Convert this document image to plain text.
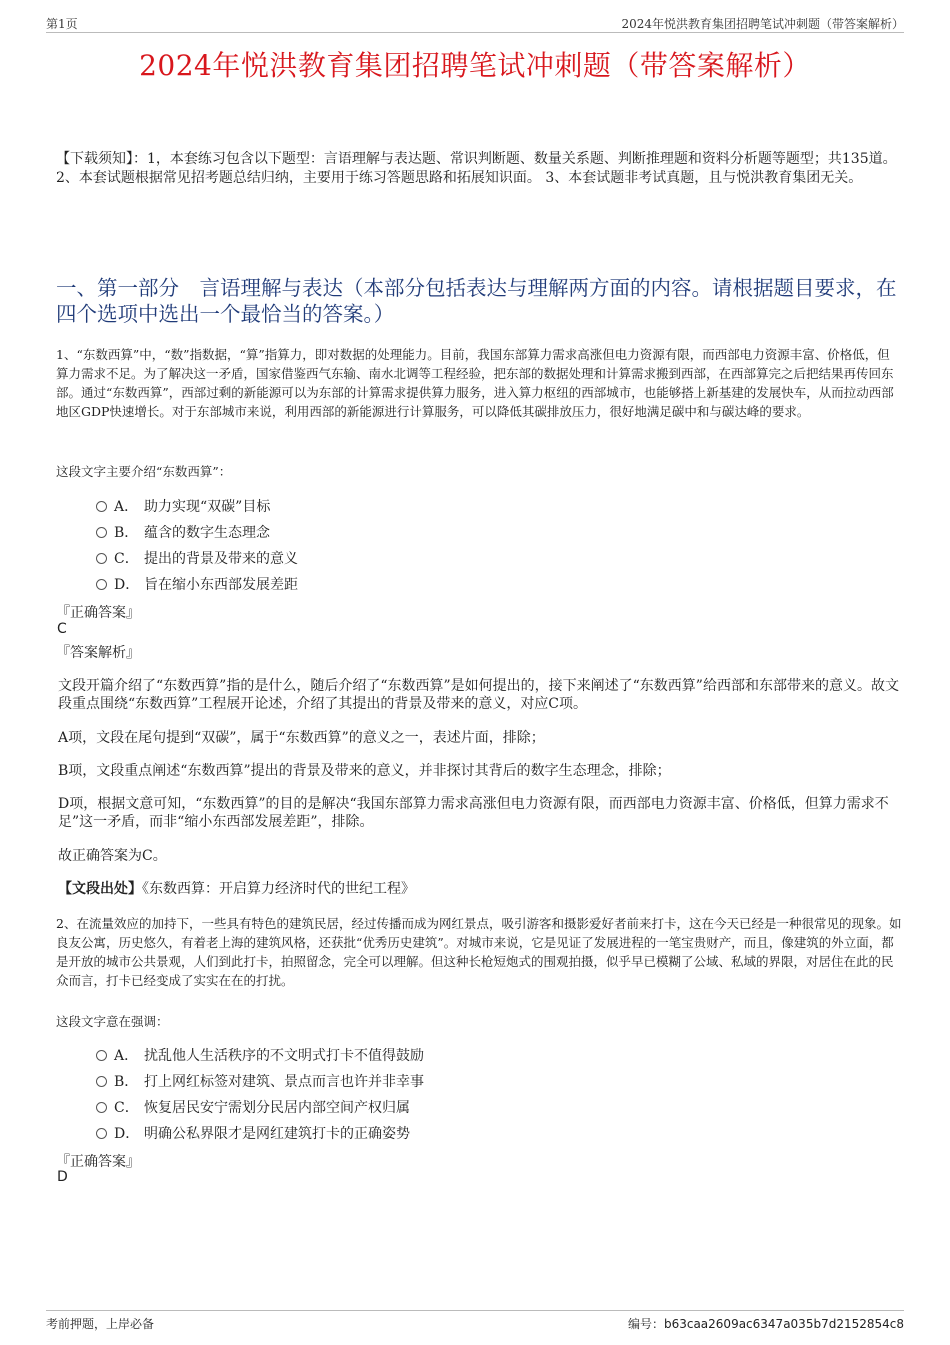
第1页	2024年悦洪教育集团招聘笔试冲刺题（带答案解析）
2024年悦洪教育集团招聘笔试冲刺题（带答案解析）
【下载须知】：1，本套练习包含以下题型：言语理解与表达题、常识判断题、数量关系题、判断推理题和资料分析题等题型；共135道。 2、本套试题根据常见招考题总结归纳，主要用于练习答题思路和拓展知识面。 3、本套试题非考试真题，且与悦洪教育集团无关。
一、第一部分　言语理解与表达（本部分包括表达与理解两方面的内容。请根据题目要求，在四个选项中选出一个最恰当的答案。）
1、“东数西算”中，“数”指数据，“算”指算力，即对数据的处理能力。目前，我国东部算力需求高涨但电力资源有限，而西部电力资源丰富、价格低，但算力需求不足。为了解决这一矛盾，国家借鉴西气东输、南水北调等工程经验，把东部的数据处理和计算需求搬到西部，在西部算完之后把结果再传回东部。通过“东数西算”，西部过剩的新能源可以为东部的计算需求提供算力服务，进入算力枢纽的西部城市，也能够搭上新基建的发展快车，从而拉动西部地区GDP快速增长。对于东部城市来说，利用西部的新能源进行计算服务，可以降低其碳排放压力，很好地满足碳中和与碳达峰的要求。
这段文字主要介绍“东数西算”：
A． 助力实现“双碳”目标
B． 蕴含的数字生态理念
C． 提出的背景及带来的意义
D． 旨在缩小东西部发展差距
『正确答案』
C
『答案解析』
文段开篇介绍了“东数西算”指的是什么，随后介绍了“东数西算”是如何提出的，接下来阐述了“东数西算”给西部和东部带来的意义。故文段重点围绕“东数西算”工程展开论述，介绍了其提出的背景及带来的意义，对应C项。
A项，文段在尾句提到“双碳”，属于“东数西算”的意义之一，表述片面，排除；
B项，文段重点阐述“东数西算”提出的背景及带来的意义，并非探讨其背后的数字生态理念，排除；
D项，根据文意可知，“东数西算”的目的是解决“我国东部算力需求高涨但电力资源有限，而西部电力资源丰富、价格低，但算力需求不足”这一矛盾，而非“缩小东西部发展差距”，排除。
故正确答案为C。
【文段出处】《东数西算：开启算力经济时代的世纪工程》
2、在流量效应的加持下，一些具有特色的建筑民居，经过传播而成为网红景点，吸引游客和摄影爱好者前来打卡，这在今天已经是一种很常见的现象。如良友公寓，历史悠久，有着老上海的建筑风格，还获批“优秀历史建筑”。对城市来说，它是见证了发展进程的一笔宝贵财产，而且，像建筑的外立面，都是开放的城市公共景观，人们到此打卡，拍照留念，完全可以理解。但这种长枪短炮式的围观拍摄，似乎早已模糊了公域、私域的界限，对居住在此的民众而言，打卡已经变成了实实在在的打扰。
这段文字意在强调：
A． 扰乱他人生活秩序的不文明式打卡不值得鼓励
B． 打上网红标签对建筑、景点而言也许并非幸事
C． 恢复居民安宁需划分民居内部空间产权归属
D． 明确公私界限才是网红建筑打卡的正确姿势
『正确答案』
D
考前押题，上岸必备	编号：b63caa2609ac6347a035b7d2152854c8
